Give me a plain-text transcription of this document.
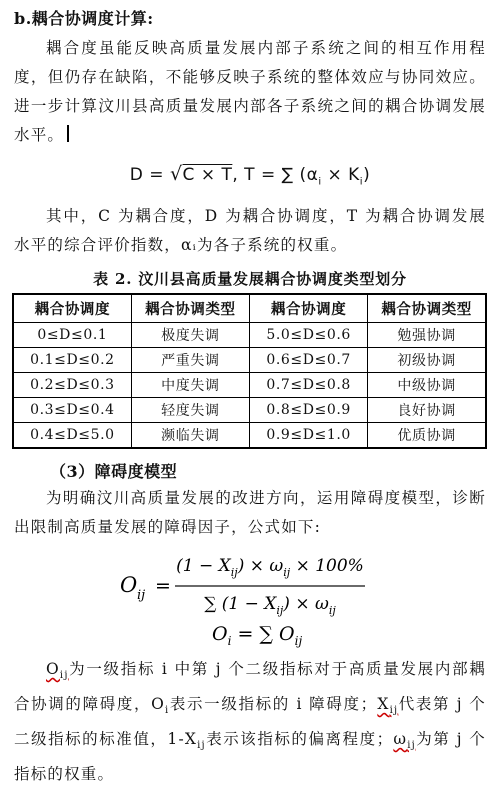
b.耦合协调度计算:
耦合度虽能反映高质量发展内部子系统之间的相互作用程度，但仍存在缺陷，不能够反映子系统的整体效应与协同效应。进一步计算汶川县高质量发展内部各子系统之间的耦合协调发展水平。
D = √C × T, T = ∑ $(\alpha_i \times K_i)$
其中，C 为耦合度，D 为耦合协调度，T 为耦合协调发展水平的综合评价指数，αᵢ为各子系统的权重。
表 2. 汶川县高质量发展耦合协调度类型划分
耦合协调度	耦合协调类型	耦合协调度	耦合协调类型
0≤D≤0.1	极度失调	5.0≤D≤0.6	勉强协调
0.1≤D≤0.2	严重失调	0.6≤D≤0.7	初级协调
0.2≤D≤0.3	中度失调	0.7≤D≤0.8	中级协调
0.3≤D≤0.4	轻度失调	0.8≤D≤0.9	良好协调
0.4≤D≤5.0	濒临失调	0.9≤D≤1.0	优质协调
（3）障碍度模型
为明确汶川高质量发展的改进方向，运用障碍度模型，诊断出限制高质量发展的障碍因子，公式如下:
O ij =
$(1 - X_{ij}) \times \omega_{ij} \times 100\%$
∑ $(1 - X_{ij}) \times \omega_{ij}$
$O_i$ = ∑ $O_{ij}$
$O_{ij}$为一级指标 i 中第 j 个二级指标对于高质量发展内部耦合协调的障碍度，$O_i$表示一级指标的 i 障碍度；$X_{ij}$代表第 j 个二级指标的标准值，$1-X_{ij}$表示该指标的偏离程度；$\omega_{ij}$为第 j 个指标的权重。
